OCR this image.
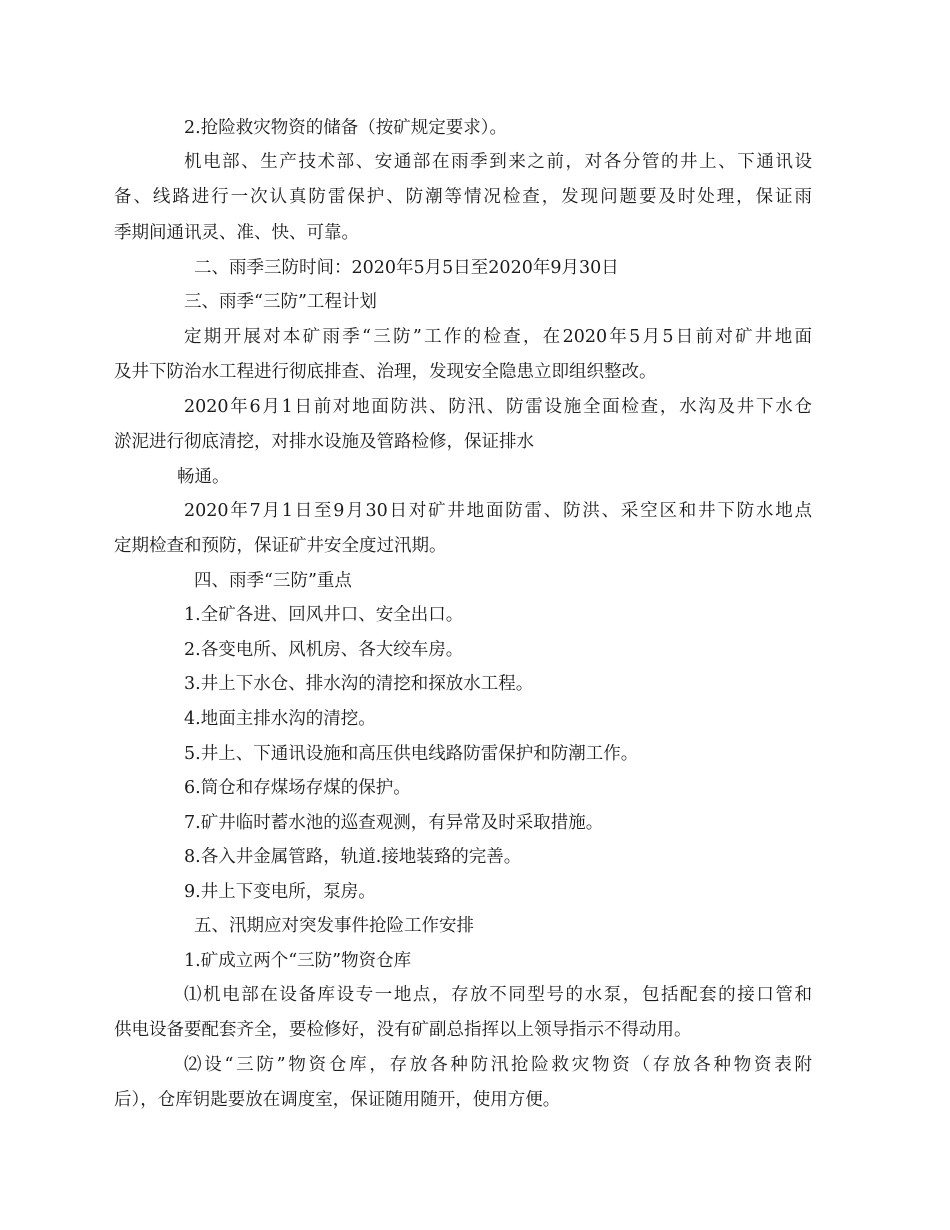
2.抢险救灾物资的储备（按矿规定要求）。
机电部、生产技术部、安通部在雨季到来之前，对各分管的井上、下通讯设
备、线路进行一次认真防雷保护、防潮等情况检查，发现问题要及时处理，保证雨
季期间通讯灵、准、快、可靠。
二、雨季三防时间：2020年5月5日至2020年9月30日
三、雨季“三防”工程计划
定期开展对本矿雨季“三防”工作的检查，在2020年5月5日前对矿井地面
及井下防治水工程进行彻底排查、治理，发现安全隐患立即组织整改。
2020年6月1日前对地面防洪、防汛、防雷设施全面检查，水沟及井下水仓
淤泥进行彻底清挖，对排水设施及管路检修，保证排水
畅通。
2020年7月1日至9月30日对矿井地面防雷、防洪、采空区和井下防水地点
定期检查和预防，保证矿井安全度过汛期。
四、雨季“三防”重点
1.全矿各进、回风井口、安全出口。
2.各变电所、风机房、各大绞车房。
3.井上下水仓、排水沟的清挖和探放水工程。
4.地面主排水沟的清挖。
5.井上、下通讯设施和高压供电线路防雷保护和防潮工作。
6.筒仓和存煤场存煤的保护。
7.矿井临时蓄水池的巡查观测，有异常及时采取措施。
8.各入井金属管路，轨道.接地装臵的完善。
9.井上下变电所，泵房。
五、汛期应对突发事件抢险工作安排
1.矿成立两个“三防”物资仓库
⑴机电部在设备库设专一地点，存放不同型号的水泵，包括配套的接口管和
供电设备要配套齐全，要检修好，没有矿副总指挥以上领导指示不得动用。
⑵设“三防”物资仓库，存放各种防汛抢险救灾物资（存放各种物资表附
后），仓库钥匙要放在调度室，保证随用随开，使用方便。
